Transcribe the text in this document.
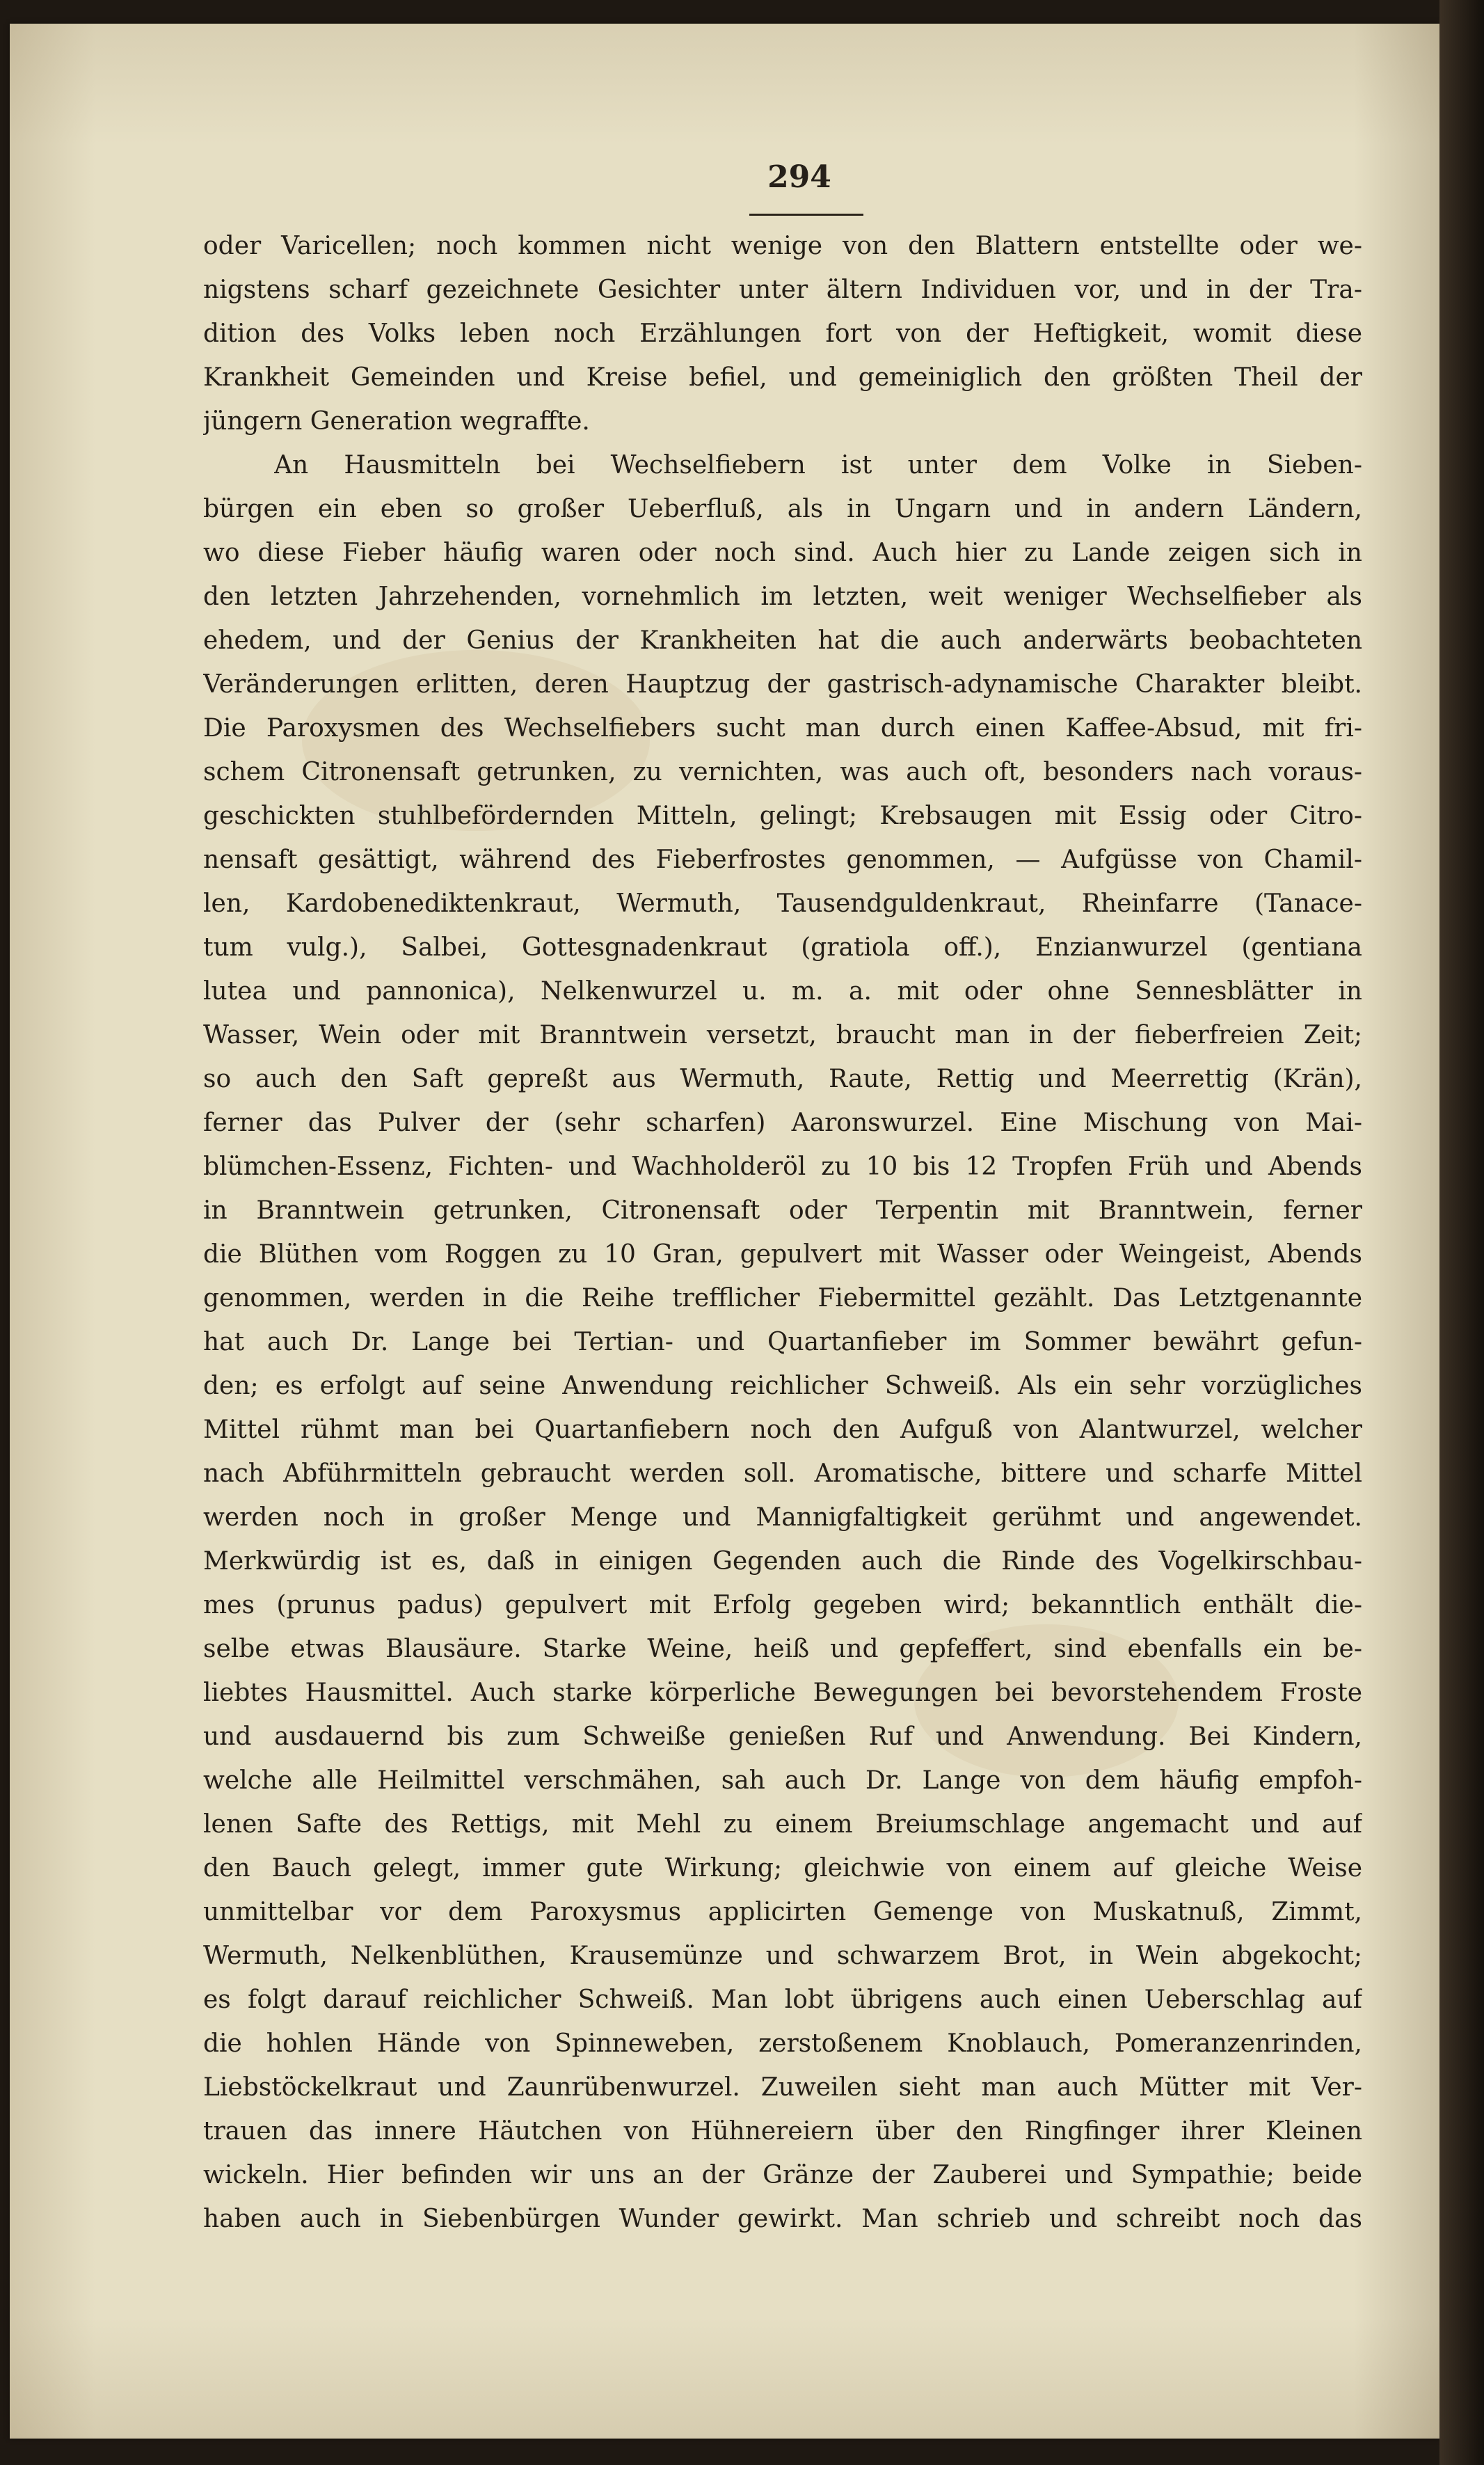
294
oder Varicellen; noch kommen nicht wenige von den Blattern entstellte oder we-
nigstens scharf gezeichnete Gesichter unter ältern Individuen vor, und in der Tra-
dition des Volks leben noch Erzählungen fort von der Heftigkeit, womit diese
Krankheit Gemeinden und Kreise befiel, und gemeiniglich den größten Theil der
jüngern Generation wegraffte.
An Hausmitteln bei Wechselfiebern ist unter dem Volke in Sieben-
bürgen ein eben so großer Ueberfluß, als in Ungarn und in andern Ländern,
wo diese Fieber häufig waren oder noch sind. Auch hier zu Lande zeigen sich in
den letzten Jahrzehenden, vornehmlich im letzten, weit weniger Wechselfieber als
ehedem, und der Genius der Krankheiten hat die auch anderwärts beobachteten
Veränderungen erlitten, deren Hauptzug der gastrisch-adynamische Charakter bleibt.
Die Paroxysmen des Wechselfiebers sucht man durch einen Kaffee-Absud, mit fri-
schem Citronensaft getrunken, zu vernichten, was auch oft, besonders nach voraus-
geschickten stuhlbefördernden Mitteln, gelingt; Krebsaugen mit Essig oder Citro-
nensaft gesättigt, während des Fieberfrostes genommen, — Aufgüsse von Chamil-
len, Kardobenediktenkraut, Wermuth, Tausendguldenkraut, Rheinfarre (Tanace-
tum vulg.), Salbei, Gottesgnadenkraut (gratiola off.), Enzianwurzel (gentiana
lutea und pannonica), Nelkenwurzel u. m. a. mit oder ohne Sennesblätter in
Wasser, Wein oder mit Branntwein versetzt, braucht man in der fieberfreien Zeit;
so auch den Saft gepreßt aus Wermuth, Raute, Rettig und Meerrettig (Krän),
ferner das Pulver der (sehr scharfen) Aaronswurzel. Eine Mischung von Mai-
blümchen-Essenz, Fichten- und Wachholderöl zu 10 bis 12 Tropfen Früh und Abends
in Branntwein getrunken, Citronensaft oder Terpentin mit Branntwein, ferner
die Blüthen vom Roggen zu 10 Gran, gepulvert mit Wasser oder Weingeist, Abends
genommen, werden in die Reihe trefflicher Fiebermittel gezählt. Das Letztgenannte
hat auch Dr. Lange bei Tertian- und Quartanfieber im Sommer bewährt gefun-
den; es erfolgt auf seine Anwendung reichlicher Schweiß. Als ein sehr vorzügliches
Mittel rühmt man bei Quartanfiebern noch den Aufguß von Alantwurzel, welcher
nach Abführmitteln gebraucht werden soll. Aromatische, bittere und scharfe Mittel
werden noch in großer Menge und Mannigfaltigkeit gerühmt und angewendet.
Merkwürdig ist es, daß in einigen Gegenden auch die Rinde des Vogelkirschbau-
mes (prunus padus) gepulvert mit Erfolg gegeben wird; bekanntlich enthält die-
selbe etwas Blausäure. Starke Weine, heiß und gepfeffert, sind ebenfalls ein be-
liebtes Hausmittel. Auch starke körperliche Bewegungen bei bevorstehendem Froste
und ausdauernd bis zum Schweiße genießen Ruf und Anwendung. Bei Kindern,
welche alle Heilmittel verschmähen, sah auch Dr. Lange von dem häufig empfoh-
lenen Safte des Rettigs, mit Mehl zu einem Breiumschlage angemacht und auf
den Bauch gelegt, immer gute Wirkung; gleichwie von einem auf gleiche Weise
unmittelbar vor dem Paroxysmus applicirten Gemenge von Muskatnuß, Zimmt,
Wermuth, Nelkenblüthen, Krausemünze und schwarzem Brot, in Wein abgekocht;
es folgt darauf reichlicher Schweiß. Man lobt übrigens auch einen Ueberschlag auf
die hohlen Hände von Spinneweben, zerstoßenem Knoblauch, Pomeranzenrinden,
Liebstöckelkraut und Zaunrübenwurzel. Zuweilen sieht man auch Mütter mit Ver-
trauen das innere Häutchen von Hühnereiern über den Ringfinger ihrer Kleinen
wickeln. Hier befinden wir uns an der Gränze der Zauberei und Sympathie; beide
haben auch in Siebenbürgen Wunder gewirkt. Man schrieb und schreibt noch das
